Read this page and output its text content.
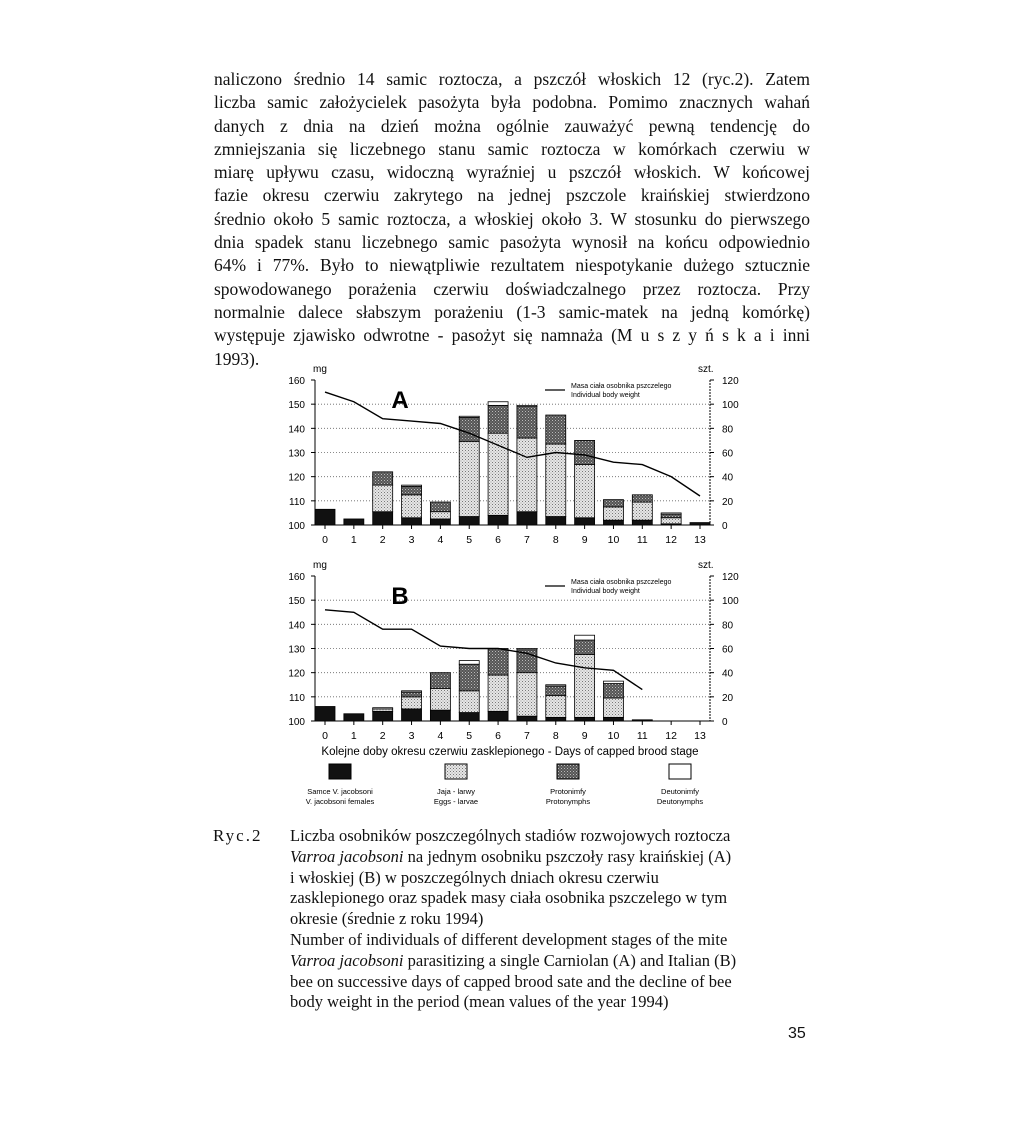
naliczono średnio 14 samic roztocza, a pszczół włoskich 12 (ryc.2). Zatem
liczba samic założycielek pasożyta była podobna. Pomimo znacznych wahań
danych z dnia na dzień można ogólnie zauważyć pewną tendencję do
zmniejszania się liczebnego stanu samic roztocza w komórkach czerwiu w
miarę upływu czasu, widoczną wyraźniej u pszczół włoskich. W końcowej
fazie okresu czerwiu zakrytego na jednej pszczole kraińskiej stwierdzono
średnio około 5 samic roztocza, a włoskiej około 3. W stosunku do pierwszego
dnia spadek stanu liczebnego samic pasożyta wynosił na końcu odpowiednio
64% i 77%. Było to niewątpliwie rezultatem niespotykanie dużego sztucznie
spowodowanego porażenia czerwiu doświadczalnego przez roztocza. Przy
normalnie dalece słabszym porażeniu (1-3 samic-matek na jedną komórkę)
występuje zjawisko odwrotne - pasożyt się namnaża (M u s z y ń s k a i inni
1993).
100
110
120
130
140
150
160
0
20
40
60
80
100
120
mg	szt.
0 1 2 3 4 5 6 7 8 9 10 11 12 13
A
Masa ciała osobnika pszczelego
Individual body weight
100
110
120
130
140
150
160
0
20
40
60
80
100
120
mg	szt.
0 1 2 3 4 5 6 7 8 9 10 11 12 13
B
Masa ciała osobnika pszczelego
Individual body weight
Kolejne doby okresu czerwiu zasklepionego - Days of capped brood stage
Samce V. jacobsoni
V. jacobsoni females
Jaja - larwy
Eggs - larvae
Protonimfy
Protonymphs
Deutonimfy
Deutonymphs
Ryc.2 Liczba osobników poszczególnych stadiów rozwojowych roztocza
Varroa jacobsoni na jednym osobniku pszczoły rasy kraińskiej (A)
i włoskiej (B) w poszczególnych dniach okresu czerwiu
zasklepionego oraz spadek masy ciała osobnika pszczelego w tym
okresie (średnie z roku 1994)
Number of individuals of different development stages of the mite
Varroa jacobsoni parasitizing a single Carniolan (A) and Italian (B)
bee on successive days of capped brood sate and the decline of bee
body weight in the period (mean values of the year 1994)
35
